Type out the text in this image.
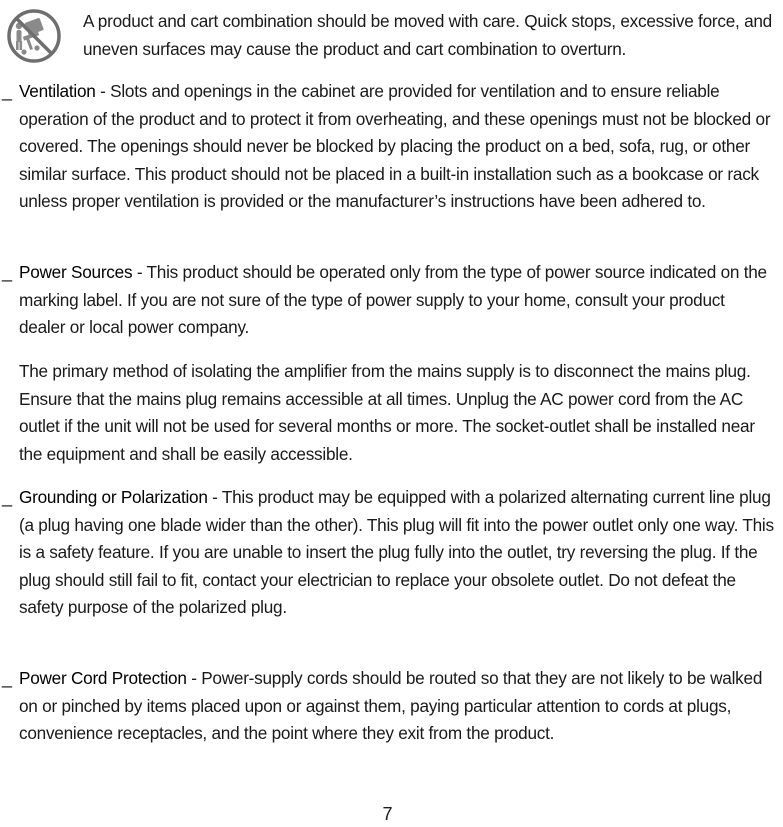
A product and cart combination should be moved with care. Quick stops, excessive force, and uneven surfaces may cause the product and cart combination to overturn.
_ Ventilation - Slots and openings in the cabinet are provided for ventilation and to ensure reliable operation of the product and to protect it from overheating, and these openings must not be blocked or covered. The openings should never be blocked by placing the product on a bed, sofa, rug, or other similar surface. This product should not be placed in a built-in installation such as a bookcase or rack unless proper ventilation is provided or the manufacturer’s instructions have been adhered to.
_ Power Sources - This product should be operated only from the type of power source indicated on the marking label. If you are not sure of the type of power supply to your home, consult your product dealer or local power company.
The primary method of isolating the amplifier from the mains supply is to disconnect the mains plug. Ensure that the mains plug remains accessible at all times. Unplug the AC power cord from the AC outlet if the unit will not be used for several months or more. The socket-outlet shall be installed near the equipment and shall be easily accessible.
_ Grounding or Polarization - This product may be equipped with a polarized alternating current line plug (a plug having one blade wider than the other). This plug will fit into the power outlet only one way. This is a safety feature. If you are unable to insert the plug fully into the outlet, try reversing the plug. If the plug should still fail to fit, contact your electrician to replace your obsolete outlet. Do not defeat the safety purpose of the polarized plug.
_ Power Cord Protection - Power-supply cords should be routed so that they are not likely to be walked on or pinched by items placed upon or against them, paying particular attention to cords at plugs, convenience receptacles, and the point where they exit from the product.
7
